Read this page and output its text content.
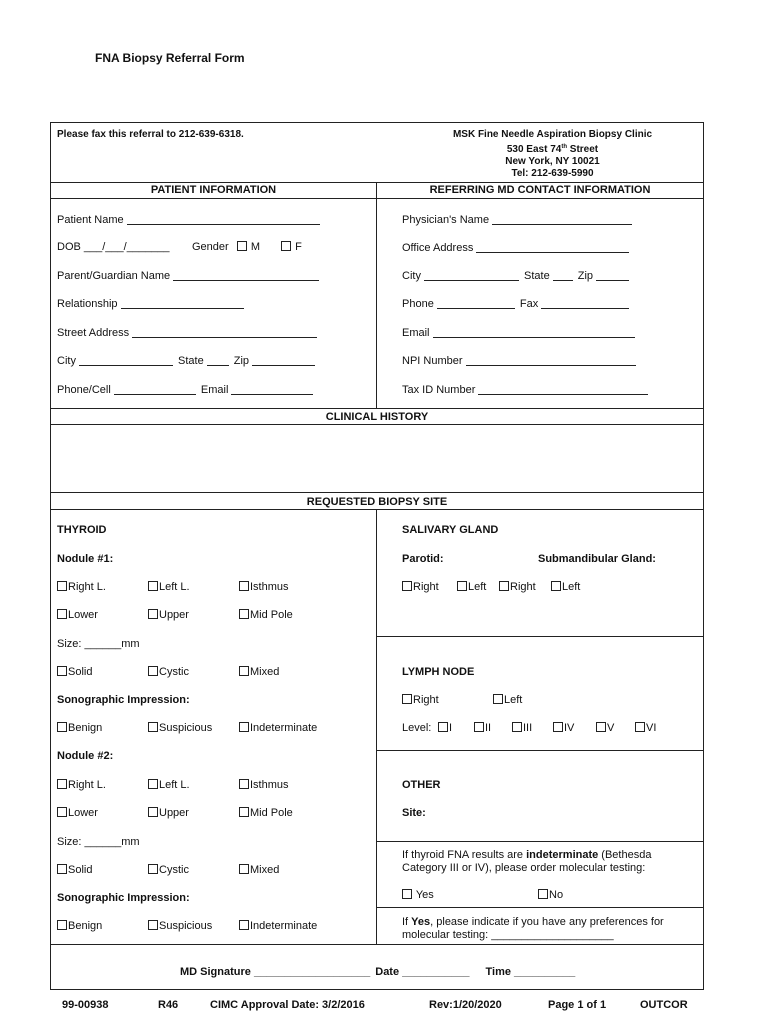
FNA Biopsy Referral Form
Please fax this referral to 212-639-6318.	MSK Fine Needle Aspiration Biopsy Clinic
530 East 74th Street
New York, NY 10021
Tel: 212-639-5990
PATIENT INFORMATION	REFERRING MD CONTACT INFORMATION
Patient Name
DOB ___/___/_______ Gender M	F
Parent/Guardian Name
Relationship
Street Address
City	State	Zip
Phone/Cell	Email
Physician's Name
Office Address
City	State	Zip
Phone	Fax
Email
NPI Number
Tax ID Number
CLINICAL HISTORY
REQUESTED BIOPSY SITE
THYROID
Nodule #1:
Right L.	Left L.	Isthmus
Lower	Upper	Mid Pole
Size: ______mm
Solid	Cystic	Mixed
Sonographic Impression:
Benign	Suspicious	Indeterminate
Nodule #2:
Right L.	Left L.	Isthmus
Lower	Upper	Mid Pole
Size: ______mm
Solid	Cystic	Mixed
Sonographic Impression:
Benign	Suspicious	Indeterminate
SALIVARY GLAND
Parotid:	Submandibular Gland:
Right	Left	Right	Left
LYMPH NODE
Right	Left
Level:	I	II	III	IV	V	VI
OTHER
Site:
If thyroid FNA results are indeterminate (Bethesda
Category III or IV), please order molecular testing:
Yes	No
If Yes, please indicate if you have any preferences for
molecular testing: ____________________
MD Signature ___________________ Date ___________ Time __________
99-00938	R46	CIMC Approval Date: 3/2/2016	Rev:1/20/2020	Page 1 of 1	OUTCOR
